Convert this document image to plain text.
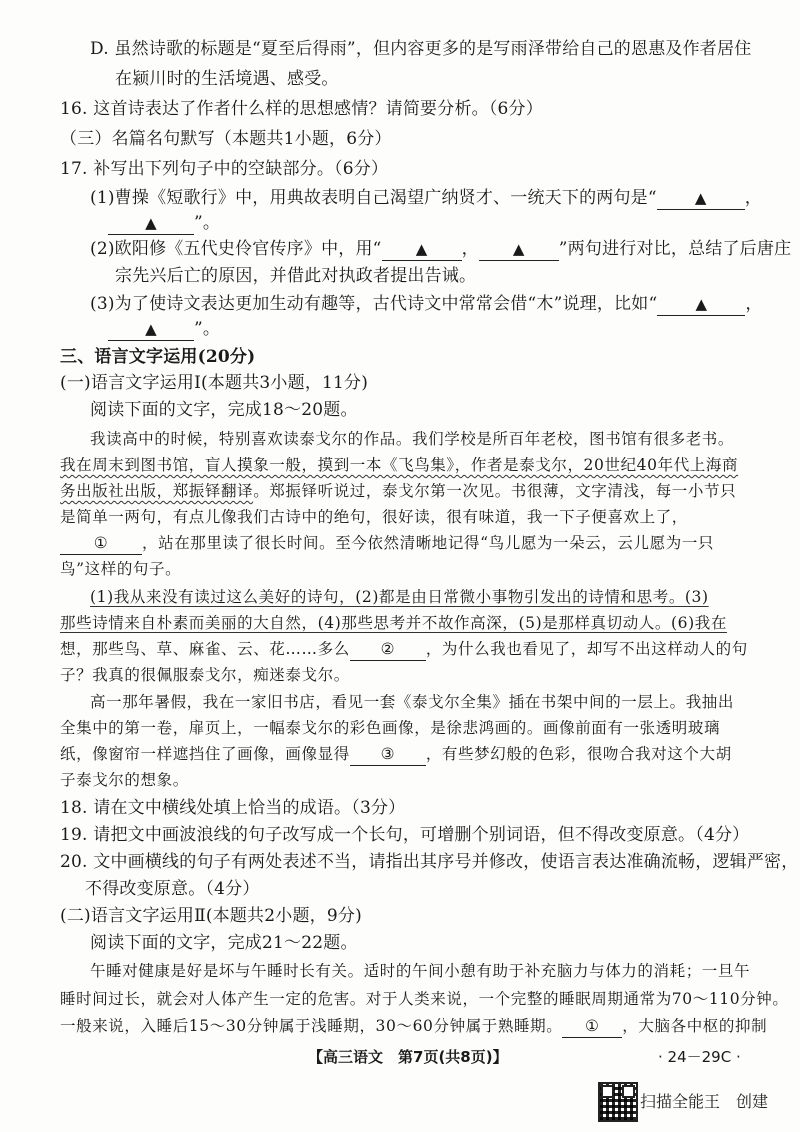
D. 虽然诗歌的标题是“夏至后得雨”，但内容更多的是写雨泽带给自己的恩惠及作者居住
在颍川时的生活境遇、感受。
16. 这首诗表达了作者什么样的思想感情？请简要分析。（6分）
（三）名篇名句默写（本题共1小题，6分）
17. 补写出下列句子中的空缺部分。（6分）
(1)曹操《短歌行》中，用典故表明自己渴望广纳贤才、一统天下的两句是“	▲ ，
▲ ”。
(2)欧阳修《五代史伶官传序》中，用“ ▲ ， ▲ ”两句进行对比，总结了后唐庄
宗先兴后亡的原因，并借此对执政者提出告诫。
(3)为了使诗文表达更加生动有趣等，古代诗文中常常会借“木”说理，比如“	▲ ，
▲ ”。
三、语言文字运用(20分)
(一)语言文字运用Ⅰ(本题共3小题，11分)
阅读下面的文字，完成18～20题。
我读高中的时候，特别喜欢读泰戈尔的作品。我们学校是所百年老校，图书馆有很多老书。
我在周末到图书馆，盲人摸象一般，摸到一本《飞鸟集》，作者是泰戈尔，20世纪40年代上海商
务出版社出版，郑振铎翻译。郑振铎听说过，泰戈尔第一次见。书很薄，文字清浅，每一小节只
是简单一两句，有点儿像我们古诗中的绝句，很好读，很有味道，我一下子便喜欢上了，
① ，站在那里读了很长时间。至今依然清晰地记得“鸟儿愿为一朵云，云儿愿为一只
鸟”这样的句子。
(1)我从来没有读过这么美好的诗句，(2)都是由日常微小事物引发出的诗情和思考。(3)
那些诗情来自朴素而美丽的大自然，(4)那些思考并不故作高深，(5)是那样真切动人。(6)我在
想，那些鸟、草、麻雀、云、花……多么 ② ，为什么我也看见了，却写不出这样动人的句
子？我真的很佩服泰戈尔，痴迷泰戈尔。
高一那年暑假，我在一家旧书店，看见一套《泰戈尔全集》插在书架中间的一层上。我抽出
全集中的第一卷，扉页上，一幅泰戈尔的彩色画像，是徐悲鸿画的。画像前面有一张透明玻璃
纸，像窗帘一样遮挡住了画像，画像显得 ③ ，有些梦幻般的色彩，很吻合我对这个大胡
子泰戈尔的想象。
18. 请在文中横线处填上恰当的成语。（3分）
19. 请把文中画波浪线的句子改写成一个长句，可增删个别词语，但不得改变原意。（4分）
20. 文中画横线的句子有两处表述不当，请指出其序号并修改，使语言表达准确流畅，逻辑严密，
不得改变原意。（4分）
(二)语言文字运用Ⅱ(本题共2小题，9分)
阅读下面的文字，完成21～22题。
午睡对健康是好是坏与午睡时长有关。适时的午间小憩有助于补充脑力与体力的消耗；一旦午
睡时间过长，就会对人体产生一定的危害。对于人类来说，一个完整的睡眠周期通常为70～110分钟。
一般来说，入睡后15～30分钟属于浅睡期，30～60分钟属于熟睡期。 ① ，大脑各中枢的抑制
【高三语文　第7页(共8页)】	· 24－29C ·
扫描全能王　创建
